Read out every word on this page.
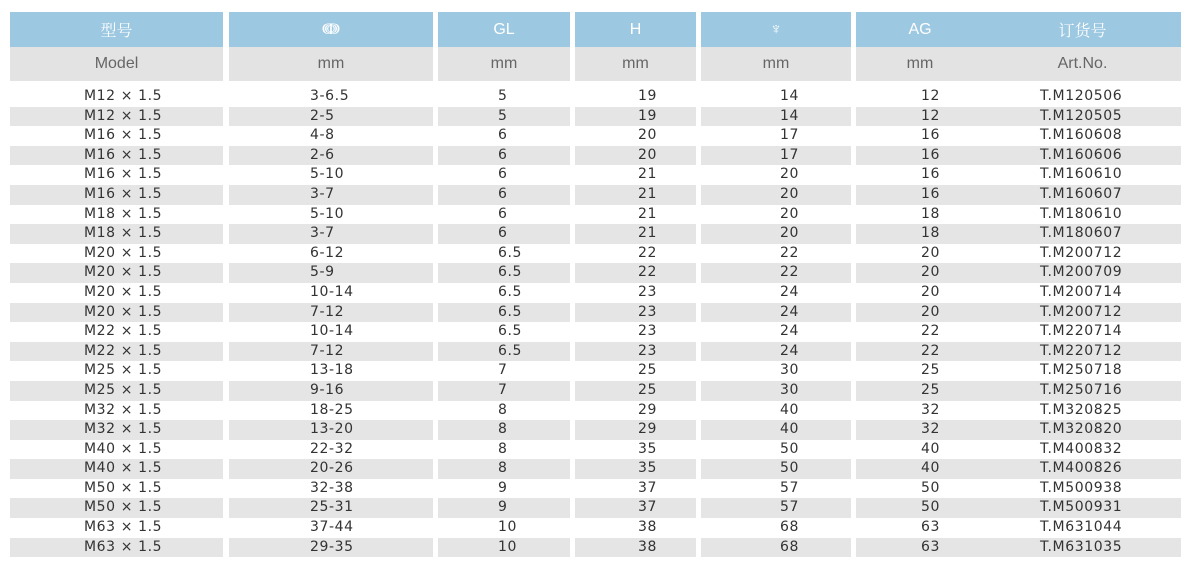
型号	ↈ	GL	H	♆	AG	订货号
Model	mm	mm	mm	mm	mm	Art.No.
M12 × 1.5	3-6.5	5	19	14	12	T.M120506
M12 × 1.5	2-5	5	19	14	12	T.M120505
M16 × 1.5	4-8	6	20	17	16	T.M160608
M16 × 1.5	2-6	6	20	17	16	T.M160606
M16 × 1.5	5-10	6	21	20	16	T.M160610
M16 × 1.5	3-7	6	21	20	16	T.M160607
M18 × 1.5	5-10	6	21	20	18	T.M180610
M18 × 1.5	3-7	6	21	20	18	T.M180607
M20 × 1.5	6-12	6.5	22	22	20	T.M200712
M20 × 1.5	5-9	6.5	22	22	20	T.M200709
M20 × 1.5	10-14	6.5	23	24	20	T.M200714
M20 × 1.5	7-12	6.5	23	24	20	T.M200712
M22 × 1.5	10-14	6.5	23	24	22	T.M220714
M22 × 1.5	7-12	6.5	23	24	22	T.M220712
M25 × 1.5	13-18	7	25	30	25	T.M250718
M25 × 1.5	9-16	7	25	30	25	T.M250716
M32 × 1.5	18-25	8	29	40	32	T.M320825
M32 × 1.5	13-20	8	29	40	32	T.M320820
M40 × 1.5	22-32	8	35	50	40	T.M400832
M40 × 1.5	20-26	8	35	50	40	T.M400826
M50 × 1.5	32-38	9	37	57	50	T.M500938
M50 × 1.5	25-31	9	37	57	50	T.M500931
M63 × 1.5	37-44	10	38	68	63	T.M631044
M63 × 1.5	29-35	10	38	68	63	T.M631035
